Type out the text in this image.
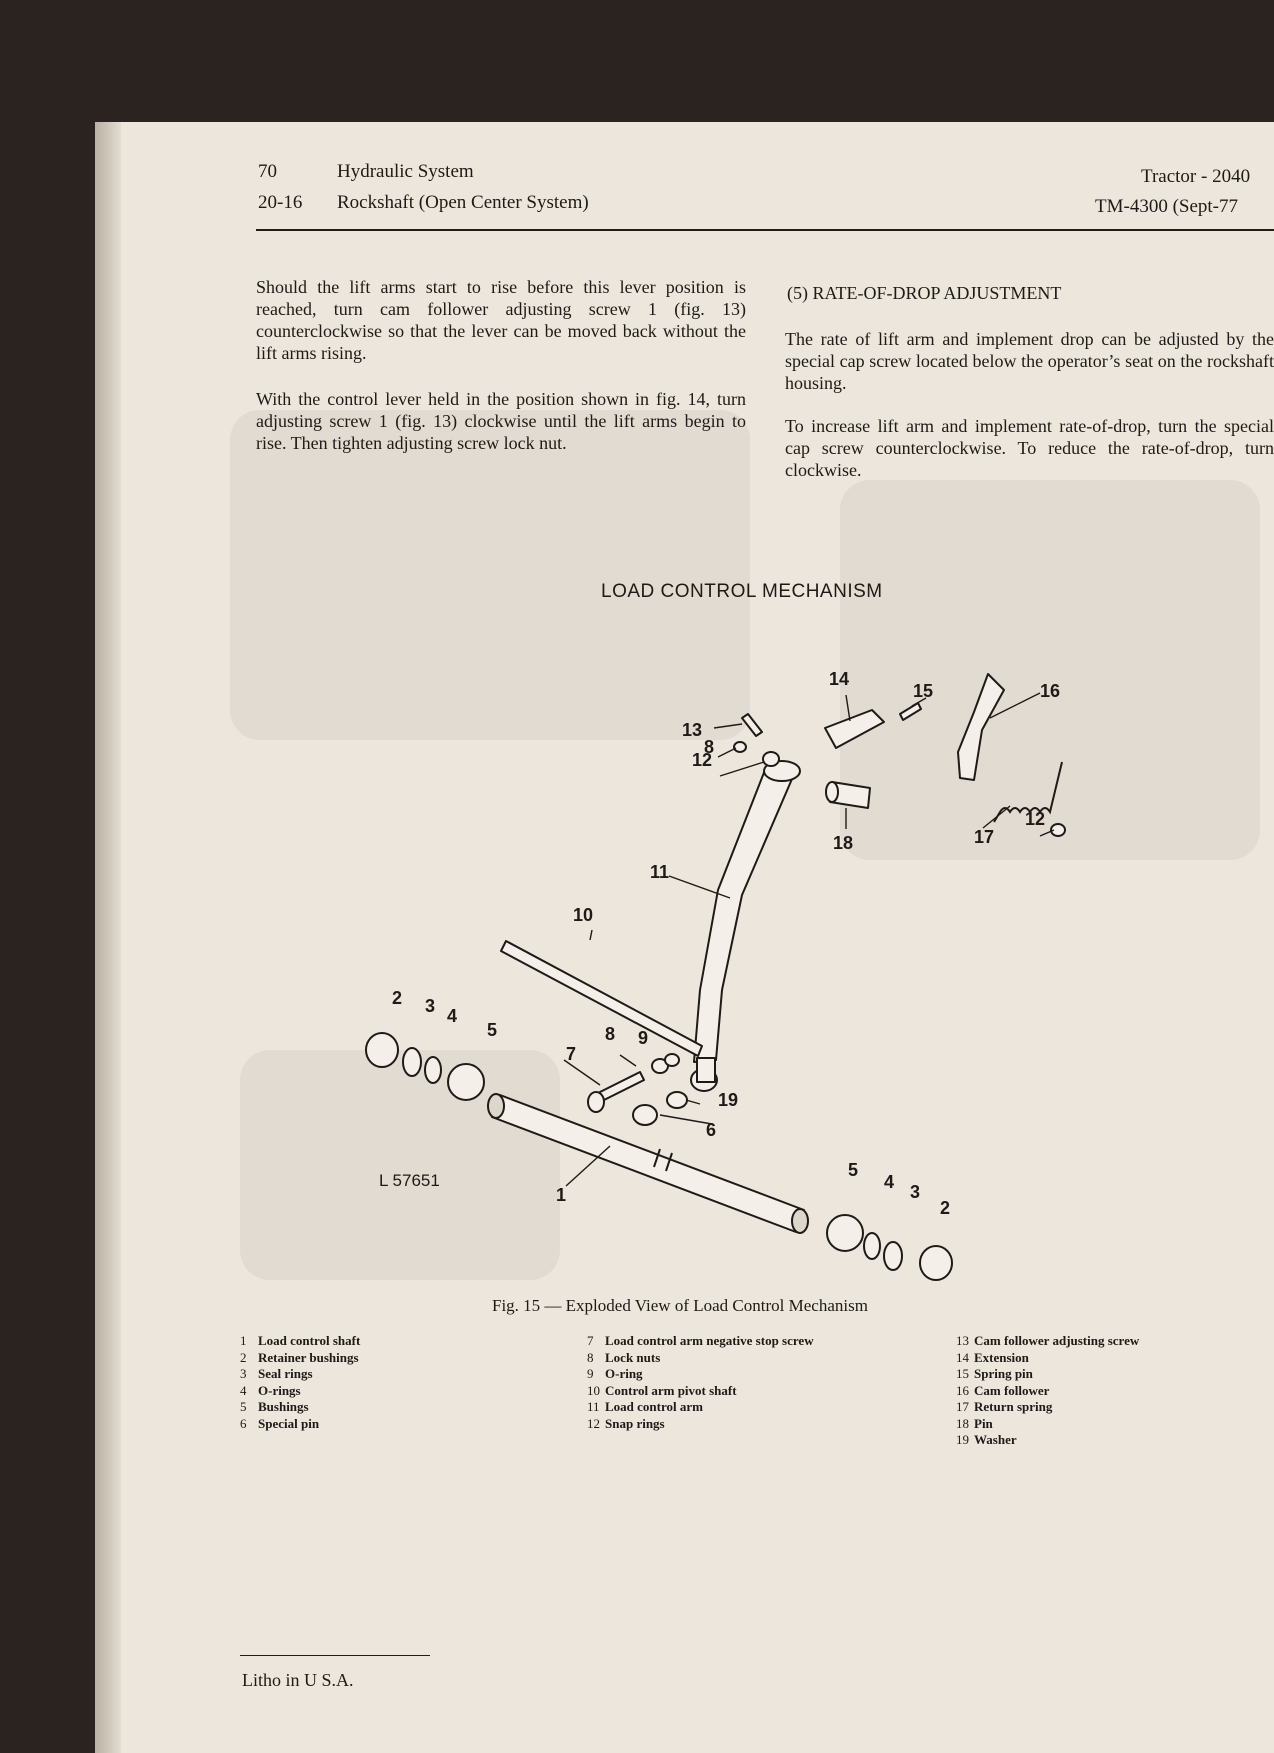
70
20-16
Hydraulic System
Rockshaft (Open Center System)
Tractor - 2040
TM-4300 (Sept-77
Should the lift arms start to rise before this lever position is reached, turn cam follower adjusting screw 1 (fig. 13) counterclockwise so that the lever can be moved back without the lift arms rising.
With the control lever held in the position shown in fig. 14, turn adjusting screw 1 (fig. 13) clockwise until the lift arms begin to rise. Then tighten adjusting screw lock nut.
(5) RATE-OF-DROP ADJUSTMENT
The rate of lift arm and implement drop can be adjusted by the special cap screw located below the operator’s seat on the rockshaft housing.
To increase lift arm and implement rate-of-drop, turn the special cap screw counterclockwise. To reduce the rate-of-drop, turn clockwise.
LOAD CONTROL MECHANISM
1
2
2
3
3
4
4
5
5
6
7
8
8
9
10
11
12
12
13
14
15	16
17
18
19
L 57651
Fig. 15 — Exploded View of Load Control Mechanism
1 Load control shaft
2 Retainer bushings
3 Seal rings
4 O-rings
5 Bushings
6 Special pin
7 Load control arm negative stop screw
8 Lock nuts
9 O-ring
10 Control arm pivot shaft
11 Load control arm
12 Snap rings
13 Cam follower adjusting screw
14 Extension
15 Spring pin
16 Cam follower
17 Return spring
18 Pin
19 Washer
Litho in U S.A.
